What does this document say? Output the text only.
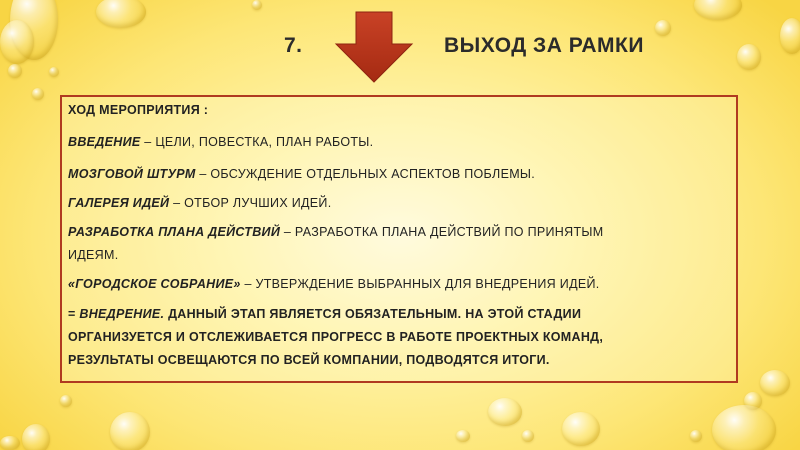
7.	ВЫХОД ЗА РАМКИ
ХОД МЕРОПРИЯТИЯ :
ВВЕДЕНИЕ – ЦЕЛИ, ПОВЕСТКА, ПЛАН РАБОТЫ.
МОЗГОВОЙ ШТУРМ – ОБСУЖДЕНИЕ ОТДЕЛЬНЫХ АСПЕКТОВ ПОБЛЕМЫ.
ГАЛЕРЕЯ ИДЕЙ – ОТБОР ЛУЧШИХ ИДЕЙ.
РАЗРАБОТКА ПЛАНА ДЕЙСТВИЙ – РАЗРАБОТКА ПЛАНА ДЕЙСТВИЙ ПО ПРИНЯТЫМ
ИДЕЯМ.
«ГОРОДСКОЕ СОБРАНИЕ» – УТВЕРЖДЕНИЕ ВЫБРАННЫХ ДЛЯ ВНЕДРЕНИЯ ИДЕЙ.
= ВНЕДРЕНИЕ. ДАННЫЙ ЭТАП ЯВЛЯЕТСЯ ОБЯЗАТЕЛЬНЫМ. НА ЭТОЙ СТАДИИ
ОРГАНИЗУЕТСЯ И ОТСЛЕЖИВАЕТСЯ ПРОГРЕСС В РАБОТЕ ПРОЕКТНЫХ КОМАНД,
РЕЗУЛЬТАТЫ ОСВЕЩАЮТСЯ ПО ВСЕЙ КОМПАНИИ, ПОДВОДЯТСЯ ИТОГИ.
